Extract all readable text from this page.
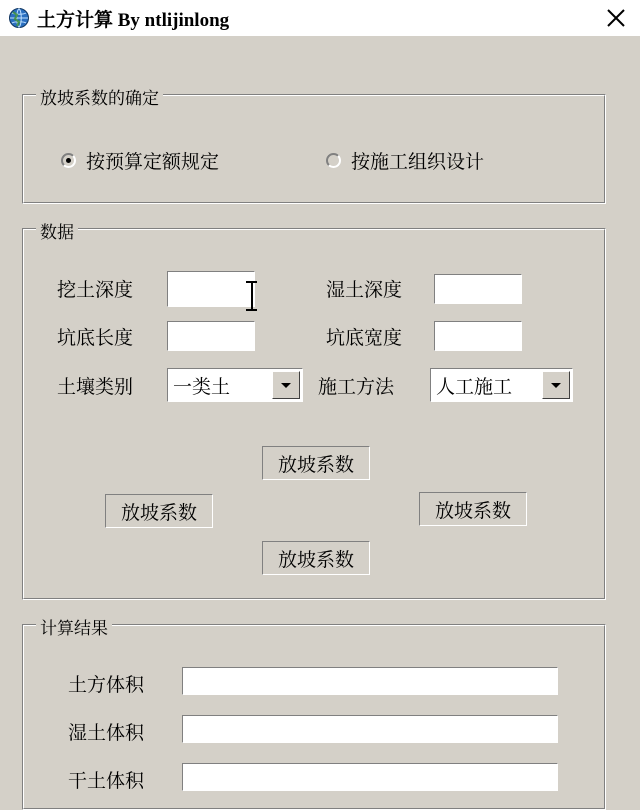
土方计算 By ntlijinlong
放坡系数的确定
按预算定额规定	按施工组织设计
数据
挖土深度	湿土深度
坑底长度	坑底宽度
土壤类别 一类土	施工方法 人工施工
放坡系数
放坡系数	放坡系数
放坡系数
计算结果
土方体积
湿土体积
干土体积
